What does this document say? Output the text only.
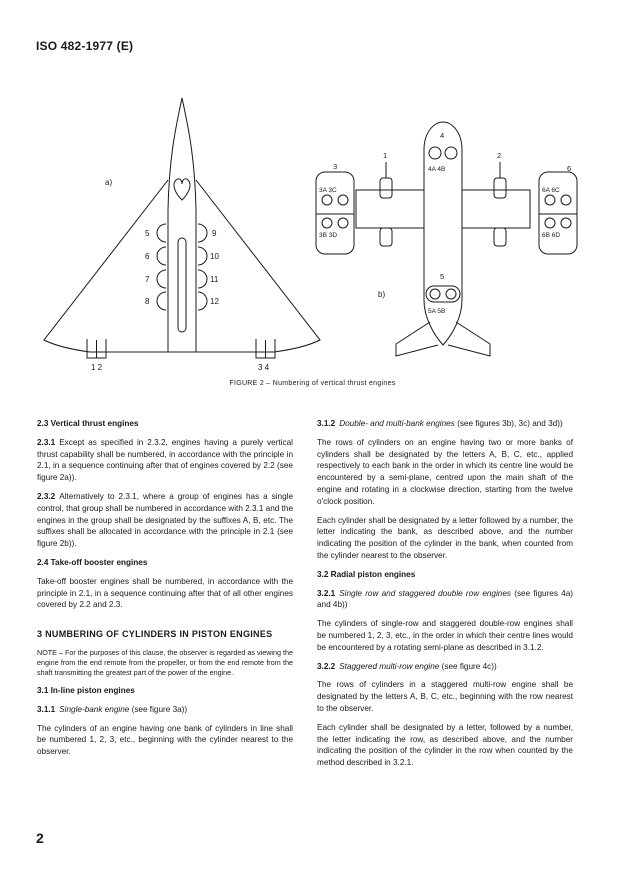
ISO 482-1977 (E)
a)
5
6
7
8
9
10
11
12
1 2	3 4
b)
1	2
3
4
5
6
4A 4B
3A 3C
3B 3D
6A 6C
6B 6D
5A 5B
FIGURE 2 – Numbering of vertical thrust engines
2.3 Vertical thrust engines

2.3.1 Except as specified in 2.3.2, engines having a purely vertical thrust capability shall be numbered, in accordance with the principle in 2.1, in a sequence continuing after that of engines covered by 2.2 (see figure 2a)).

2.3.2 Alternatively to 2.3.1, where a group of engines has a single control, that group shall be numbered in accordance with 2.3.1 and the engines in the group shall be designated by the suffixes A, B, etc. The suffixes shall be allocated in accordance with the principle in 2.1 (see figure 2b)).

2.4 Take-off booster engines

Take-off booster engines shall be numbered, in accordance with the principle in 2.1, in a sequence continuing after that of all other engines covered by 2.2 and 2.3.

3 NUMBERING OF CYLINDERS IN PISTON ENGINES

NOTE – For the purposes of this clause, the observer is regarded as viewing the engine from the end remote from the propeller, or from the end remote from the shaft transmitting the greatest part of the power of the engine.

3.1 In-line piston engines

3.1.1 Single-bank engine (see figure 3a))

The cylinders of an engine having one bank of cylinders in line shall be numbered 1, 2, 3, etc., beginning with the cylinder nearest to the observer.

3.1.2 Double- and multi-bank engines (see figures 3b), 3c) and 3d))

The rows of cylinders on an engine having two or more banks of cylinders shall be designated by the letters A, B, C, etc., applied respectively to each bank in the order in which its centre line would be encountered by a semi-plane, centred upon the main shaft of the engine and rotating in a clockwise direction, starting from the twelve o'clock position.

Each cylinder shall be designated by a letter followed by a number, the letter indicating the bank, as described above, and the number indicating the position of the cylinder in the bank, when counted from the cylinder nearest to the observer.

3.2 Radial piston engines

3.2.1 Single row and staggered double row engines (see figures 4a) and 4b))

The cylinders of single-row and staggered double-row engines shall be numbered 1, 2, 3, etc., in the order in which their centre lines would be encountered by a rotating semi-plane as described in 3.1.2.

3.2.2 Staggered multi-row engine (see figure 4c))

The rows of cylinders in a staggered multi-row engine shall be designated by the letters A, B, C, etc., beginning with the row nearest to the observer.

Each cylinder shall be designated by a letter, followed by a number, the letter indicating the row, as described above, and the number indicating the position of the cylinder in the row when counted by the method described in 3.2.1.

2
